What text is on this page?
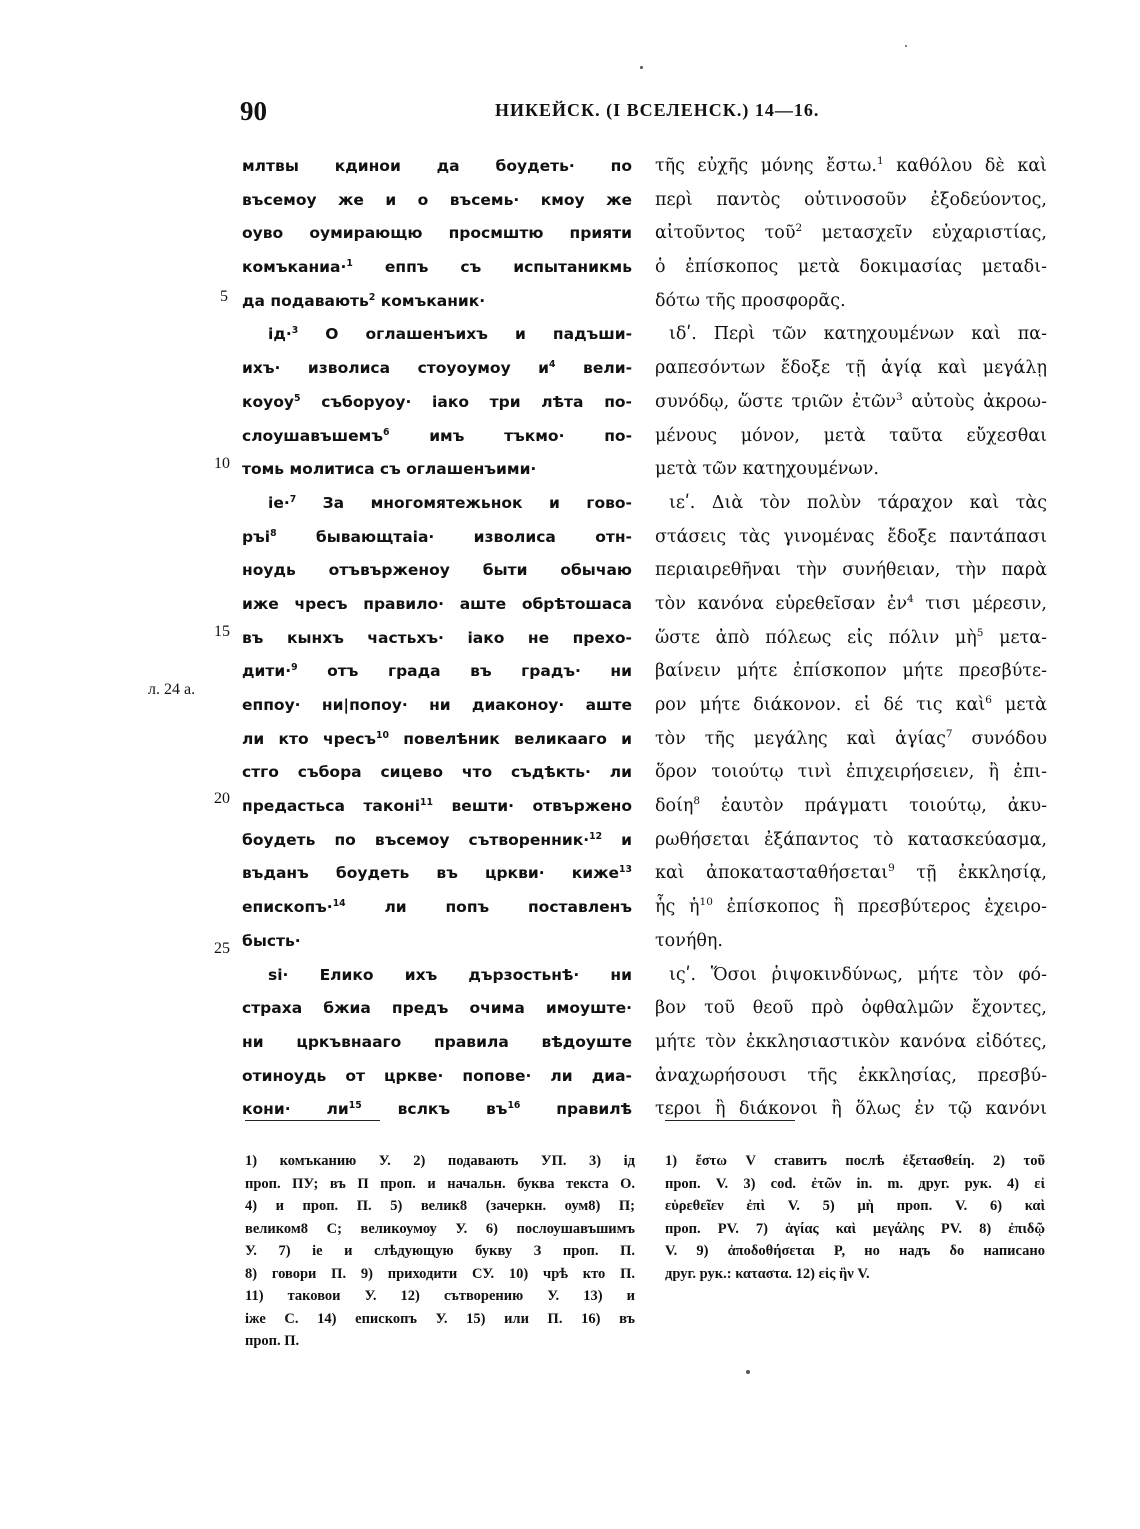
90	НИКЕЙСК. (I ВСЕЛЕНСК.) 14—16.
5
10
15
20
25
л. 24 а.
млтвы кдинои да боудеть· по
въсемоу же и о въсемь· кмоу же
оуво оумирающю просмштю прияти
комъканиа·$^1$ еппъ съ испытаникмь
да подавають$^2$ комъканик·
ід·$^3$ О оглашенъихъ и падъши-
ихъ· изволиса стоуоумоу $и^4$ вели-
коуоу$^5$ съборуоу· іако три лѣта по-
слоушавъшемъ$^6$ имъ тъкмо· по-
томь молитиса съ оглашенъими·
іе·$^7$ За многомятежьнок и гово-
ръі$^8$ бывающтаіа· изволиса отн-
ноудь отъвърженоу быти обычаю
иже чресъ правило· аште обрѣтошаса
въ кынхъ частьхъ· іако не прехо-
дити·$^9$ отъ града въ градъ· ни
еппоу· ни|попоу· ни диаконоу· аште
ли кто чресъ$^{10}$ повелѣник великааго и
стго събора сицево что съдѣкть· ли
предастьса таконі$^{11}$ вешти· отвържено
боудеть по въсемоу сътворенник·$^{12}$ и
въданъ боудеть въ цркви· киже$^{13}$
епископъ·$^{14}$ ли попъ поставленъ
бысть·
ѕі· Елико ихъ дързостьнѣ· ни
страха бжиа предъ очима имоуште·
ни цркъвнааго правила вѣдоуште
отиноудь от цркве· попове· ли диа-
кони· $ли^{15}$ вслкъ $въ^{16}$ правилѣ
τῆς εὐχῆς μόνης ἔστω.$^1$ καθόλου δὲ καὶ
περὶ παντὸς οὑτινοσοῦν ἐξοδεύοντος,
αἰτοῦντος τοῦ$^2$ μετασχεῖν εὐχαριστίας,
ὁ ἐπίσκοπος μετὰ δοκιμασίας μεταδι-
δότω τῆς προσφορᾶς.
ιδʹ. Περὶ τῶν κατηχουμένων καὶ πα-
ραπεσόντων ἔδοξε τῇ ἁγίᾳ καὶ μεγάλῃ
συνόδῳ, ὥστε τριῶν ἐτῶν$^3$ αὐτοὺς ἀκροω-
μένους μόνον, μετὰ ταῦτα εὔχεσθαι
μετὰ τῶν κατηχουμένων.
ιεʹ. Διὰ τὸν πολὺν τάραχον καὶ τὰς
στάσεις τὰς γινομένας ἔδοξε παντάπασι
περιαιρεθῆναι τὴν συνήθειαν, τὴν παρὰ
τὸν κανόνα εὑρεθεῖσαν ἐν$^4$ τισι μέρεσιν,
ὥστε ἀπὸ πόλεως εἰς πόλιν μὴ$^5$ μετα-
βαίνειν μήτε ἐπίσκοπον μήτε πρεσβύτε-
ρον μήτε διάκονον. εἰ δέ τις καὶ$^6$ μετὰ
τὸν τῆς μεγάλης καὶ ἁγίας$^7$ συνόδου
ὅρον τοιούτῳ τινὶ ἐπιχειρήσειεν, ἢ ἐπι-
δοίη$^8$ ἑαυτὸν πράγματι τοιούτῳ, ἀκυ-
ρωθήσεται ἐξάπαντος τὸ κατασκεύασμα,
καὶ ἀποκατασταθήσεται$^9$ τῇ ἐκκλησίᾳ,
ἧς ἡ$^{10}$ ἐπίσκοπος ἢ πρεσβύτερος ἐχειρο-
τονήθη.
ιςʹ. Ὅσοι ῥιψοκινδύνως, μήτε τὸν φό-
βον τοῦ θεοῦ πρὸ ὀφθαλμῶν ἔχοντες,
μήτε τὸν ἐκκλησιαστικὸν κανόνα εἰδότες,
ἀναχωρήσουσι τῆς ἐκκλησίας, πρεσβύ-
τεροι ἢ διάκονοι ἢ ὅλως ἐν τῷ κανόνι
1) комъканию У. 2) подавають УП. 3) ід
проп. ПУ; въ П проп. и начальн. буква текста О.
4) и проп. П. 5) велик8 (зачеркн. оум8) П;
великом8 С; великоумоу У. 6) послоушавъшимъ
У. 7) іе и слѣдующую букву З проп. П.
8) говори П. 9) приходити СУ. 10) чрѣ кто П.
11) таковои У. 12) сътворению У. 13) и
іже С. 14) епископъ У. 15) или П. 16) въ
проп. П.
1) ἔστω V ставитъ послѣ ἐξετασθείη. 2) τοῦ
проп. V. 3) cod. ἐτῶν in. m. друг. рук. 4) εἰ
εὑρεθεῖεν ἐπὶ V. 5) μὴ проп. V. 6) καὶ
проп. PV. 7) ἁγίας καὶ μεγάλης PV. 8) ἐπιδῷ
V. 9) ἀποδοθήσεται P, но надъ δο написано
друг. рук.: καταστα. 12) εἰς ἣν V.
